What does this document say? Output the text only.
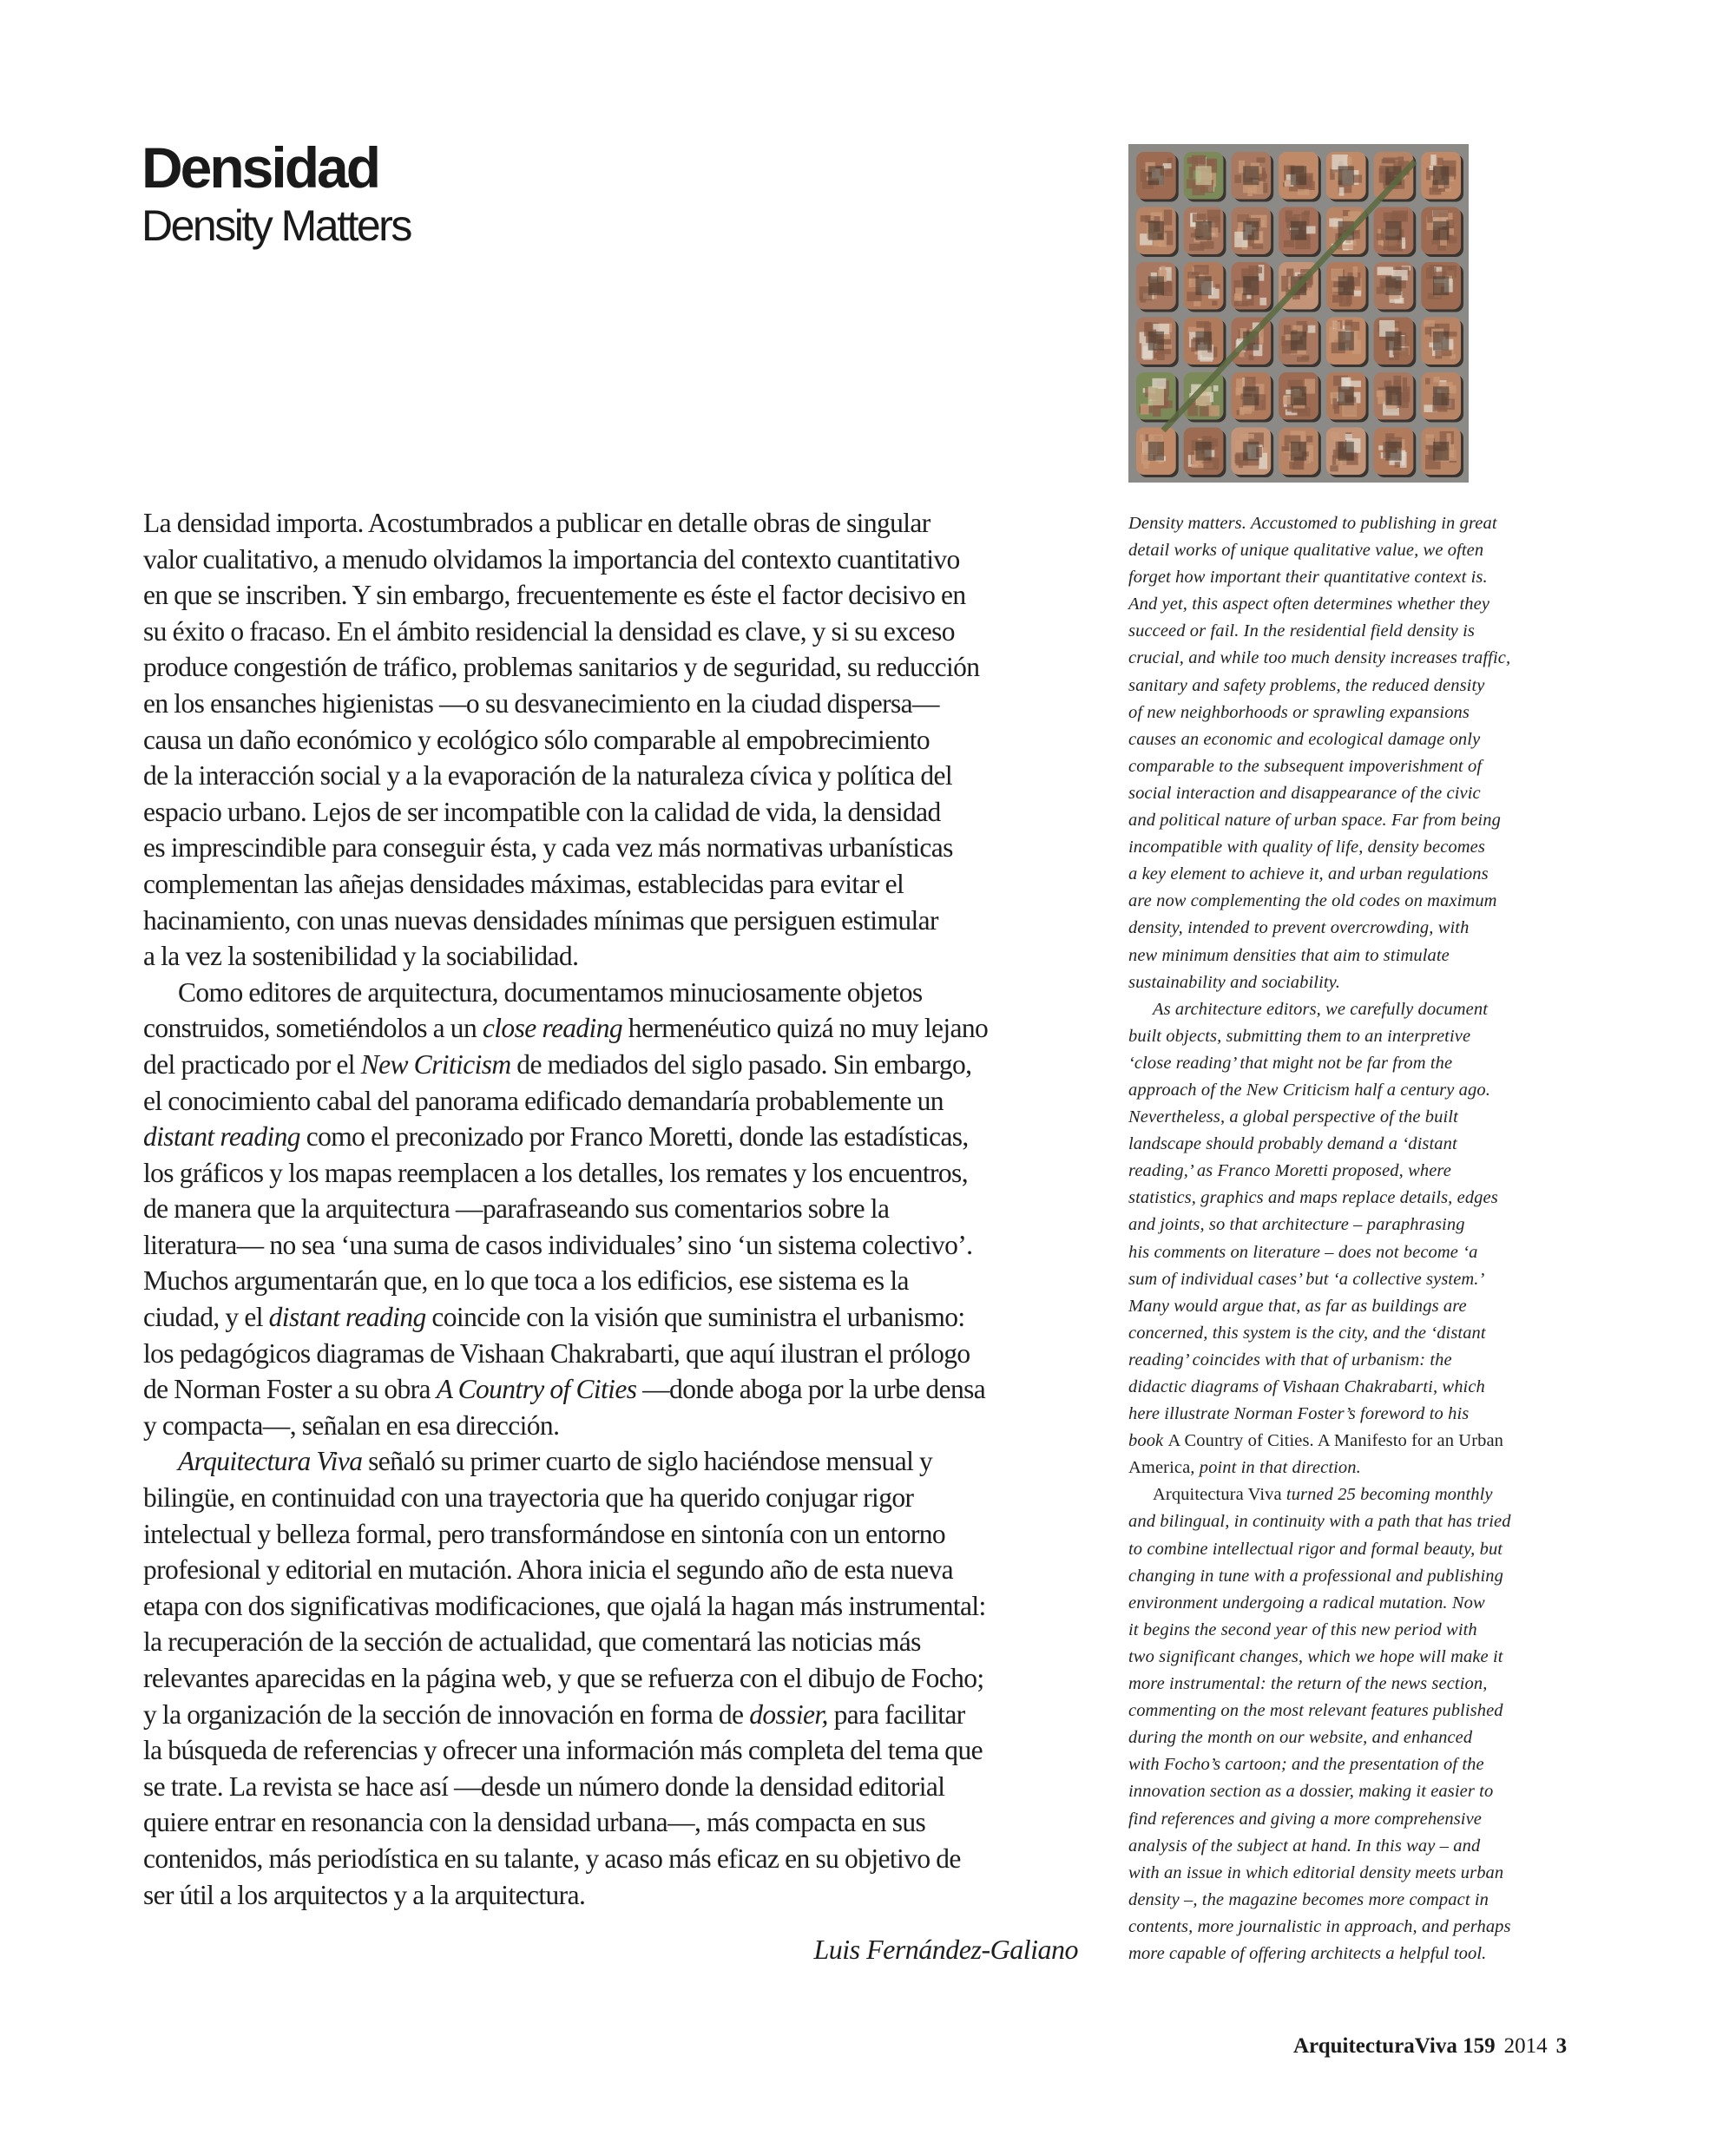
Densidad
Density Matters
La densidad importa. Acostumbrados a publicar en detalle obras de singular
valor cualitativo, a menudo olvidamos la importancia del contexto cuantitativo
en que se inscriben. Y sin embargo, frecuentemente es éste el factor decisivo en
su éxito o fracaso. En el ámbito residencial la densidad es clave, y si su exceso
produce congestión de tráfico, problemas sanitarios y de seguridad, su reducción
en los ensanches higienistas —o su desvanecimiento en la ciudad dispersa—
causa un daño económico y ecológico sólo comparable al empobrecimiento
de la interacción social y a la evaporación de la naturaleza cívica y política del
espacio urbano. Lejos de ser incompatible con la calidad de vida, la densidad
es imprescindible para conseguir ésta, y cada vez más normativas urbanísticas
complementan las añejas densidades máximas, establecidas para evitar el
hacinamiento, con unas nuevas densidades mínimas que persiguen estimular
a la vez la sostenibilidad y la sociabilidad.
Como editores de arquitectura, documentamos minuciosamente objetos
construidos, sometiéndolos a un close reading hermenéutico quizá no muy lejano
del practicado por el New Criticism de mediados del siglo pasado. Sin embargo,
el conocimiento cabal del panorama edificado demandaría probablemente un
distant reading como el preconizado por Franco Moretti, donde las estadísticas,
los gráficos y los mapas reemplacen a los detalles, los remates y los encuentros,
de manera que la arquitectura —parafraseando sus comentarios sobre la
literatura— no sea ‘una suma de casos individuales’ sino ‘un sistema colectivo’.
Muchos argumentarán que, en lo que toca a los edificios, ese sistema es la
ciudad, y el distant reading coincide con la visión que suministra el urbanismo:
los pedagógicos diagramas de Vishaan Chakrabarti, que aquí ilustran el prólogo
de Norman Foster a su obra A Country of Cities —donde aboga por la urbe densa
y compacta—, señalan en esa dirección.
Arquitectura Viva señaló su primer cuarto de siglo haciéndose mensual y
bilingüe, en continuidad con una trayectoria que ha querido conjugar rigor
intelectual y belleza formal, pero transformándose en sintonía con un entorno
profesional y editorial en mutación. Ahora inicia el segundo año de esta nueva
etapa con dos significativas modificaciones, que ojalá la hagan más instrumental:
la recuperación de la sección de actualidad, que comentará las noticias más
relevantes aparecidas en la página web, y que se refuerza con el dibujo de Focho;
y la organización de la sección de innovación en forma de dossier, para facilitar
la búsqueda de referencias y ofrecer una información más completa del tema que
se trate. La revista se hace así —desde un número donde la densidad editorial
quiere entrar en resonancia con la densidad urbana—, más compacta en sus
contenidos, más periodística en su talante, y acaso más eficaz en su objetivo de
ser útil a los arquitectos y a la arquitectura.
Luis Fernández-Galiano
Density matters. Accustomed to publishing in great
detail works of unique qualitative value, we often
forget how important their quantitative context is.
And yet, this aspect often determines whether they
succeed or fail. In the residential field density is
crucial, and while too much density increases traffic,
sanitary and safety problems, the reduced density
of new neighborhoods or sprawling expansions
causes an economic and ecological damage only
comparable to the subsequent impoverishment of
social interaction and disappearance of the civic
and political nature of urban space. Far from being
incompatible with quality of life, density becomes
a key element to achieve it, and urban regulations
are now complementing the old codes on maximum
density, intended to prevent overcrowding, with
new minimum densities that aim to stimulate
sustainability and sociability.
As architecture editors, we carefully document
built objects, submitting them to an interpretive
‘close reading’ that might not be far from the
approach of the New Criticism half a century ago.
Nevertheless, a global perspective of the built
landscape should probably demand a ‘distant
reading,’ as Franco Moretti proposed, where
statistics, graphics and maps replace details, edges
and joints, so that architecture – paraphrasing
his comments on literature – does not become ‘a
sum of individual cases’ but ‘a collective system.’
Many would argue that, as far as buildings are
concerned, this system is the city, and the ‘distant
reading’ coincides with that of urbanism: the
didactic diagrams of Vishaan Chakrabarti, which
here illustrate Norman Foster’s foreword to his
book A Country of Cities. A Manifesto for an Urban
America, point in that direction.
Arquitectura Viva turned 25 becoming monthly
and bilingual, in continuity with a path that has tried
to combine intellectual rigor and formal beauty, but
changing in tune with a professional and publishing
environment undergoing a radical mutation. Now
it begins the second year of this new period with
two significant changes, which we hope will make it
more instrumental: the return of the news section,
commenting on the most relevant features published
during the month on our website, and enhanced
with Focho’s cartoon; and the presentation of the
innovation section as a dossier, making it easier to
find references and giving a more comprehensive
analysis of the subject at hand. In this way – and
with an issue in which editorial density meets urban
density –, the magazine becomes more compact in
contents, more journalistic in approach, and perhaps
more capable of offering architects a helpful tool.
ArquitecturaViva 159 2014 3
